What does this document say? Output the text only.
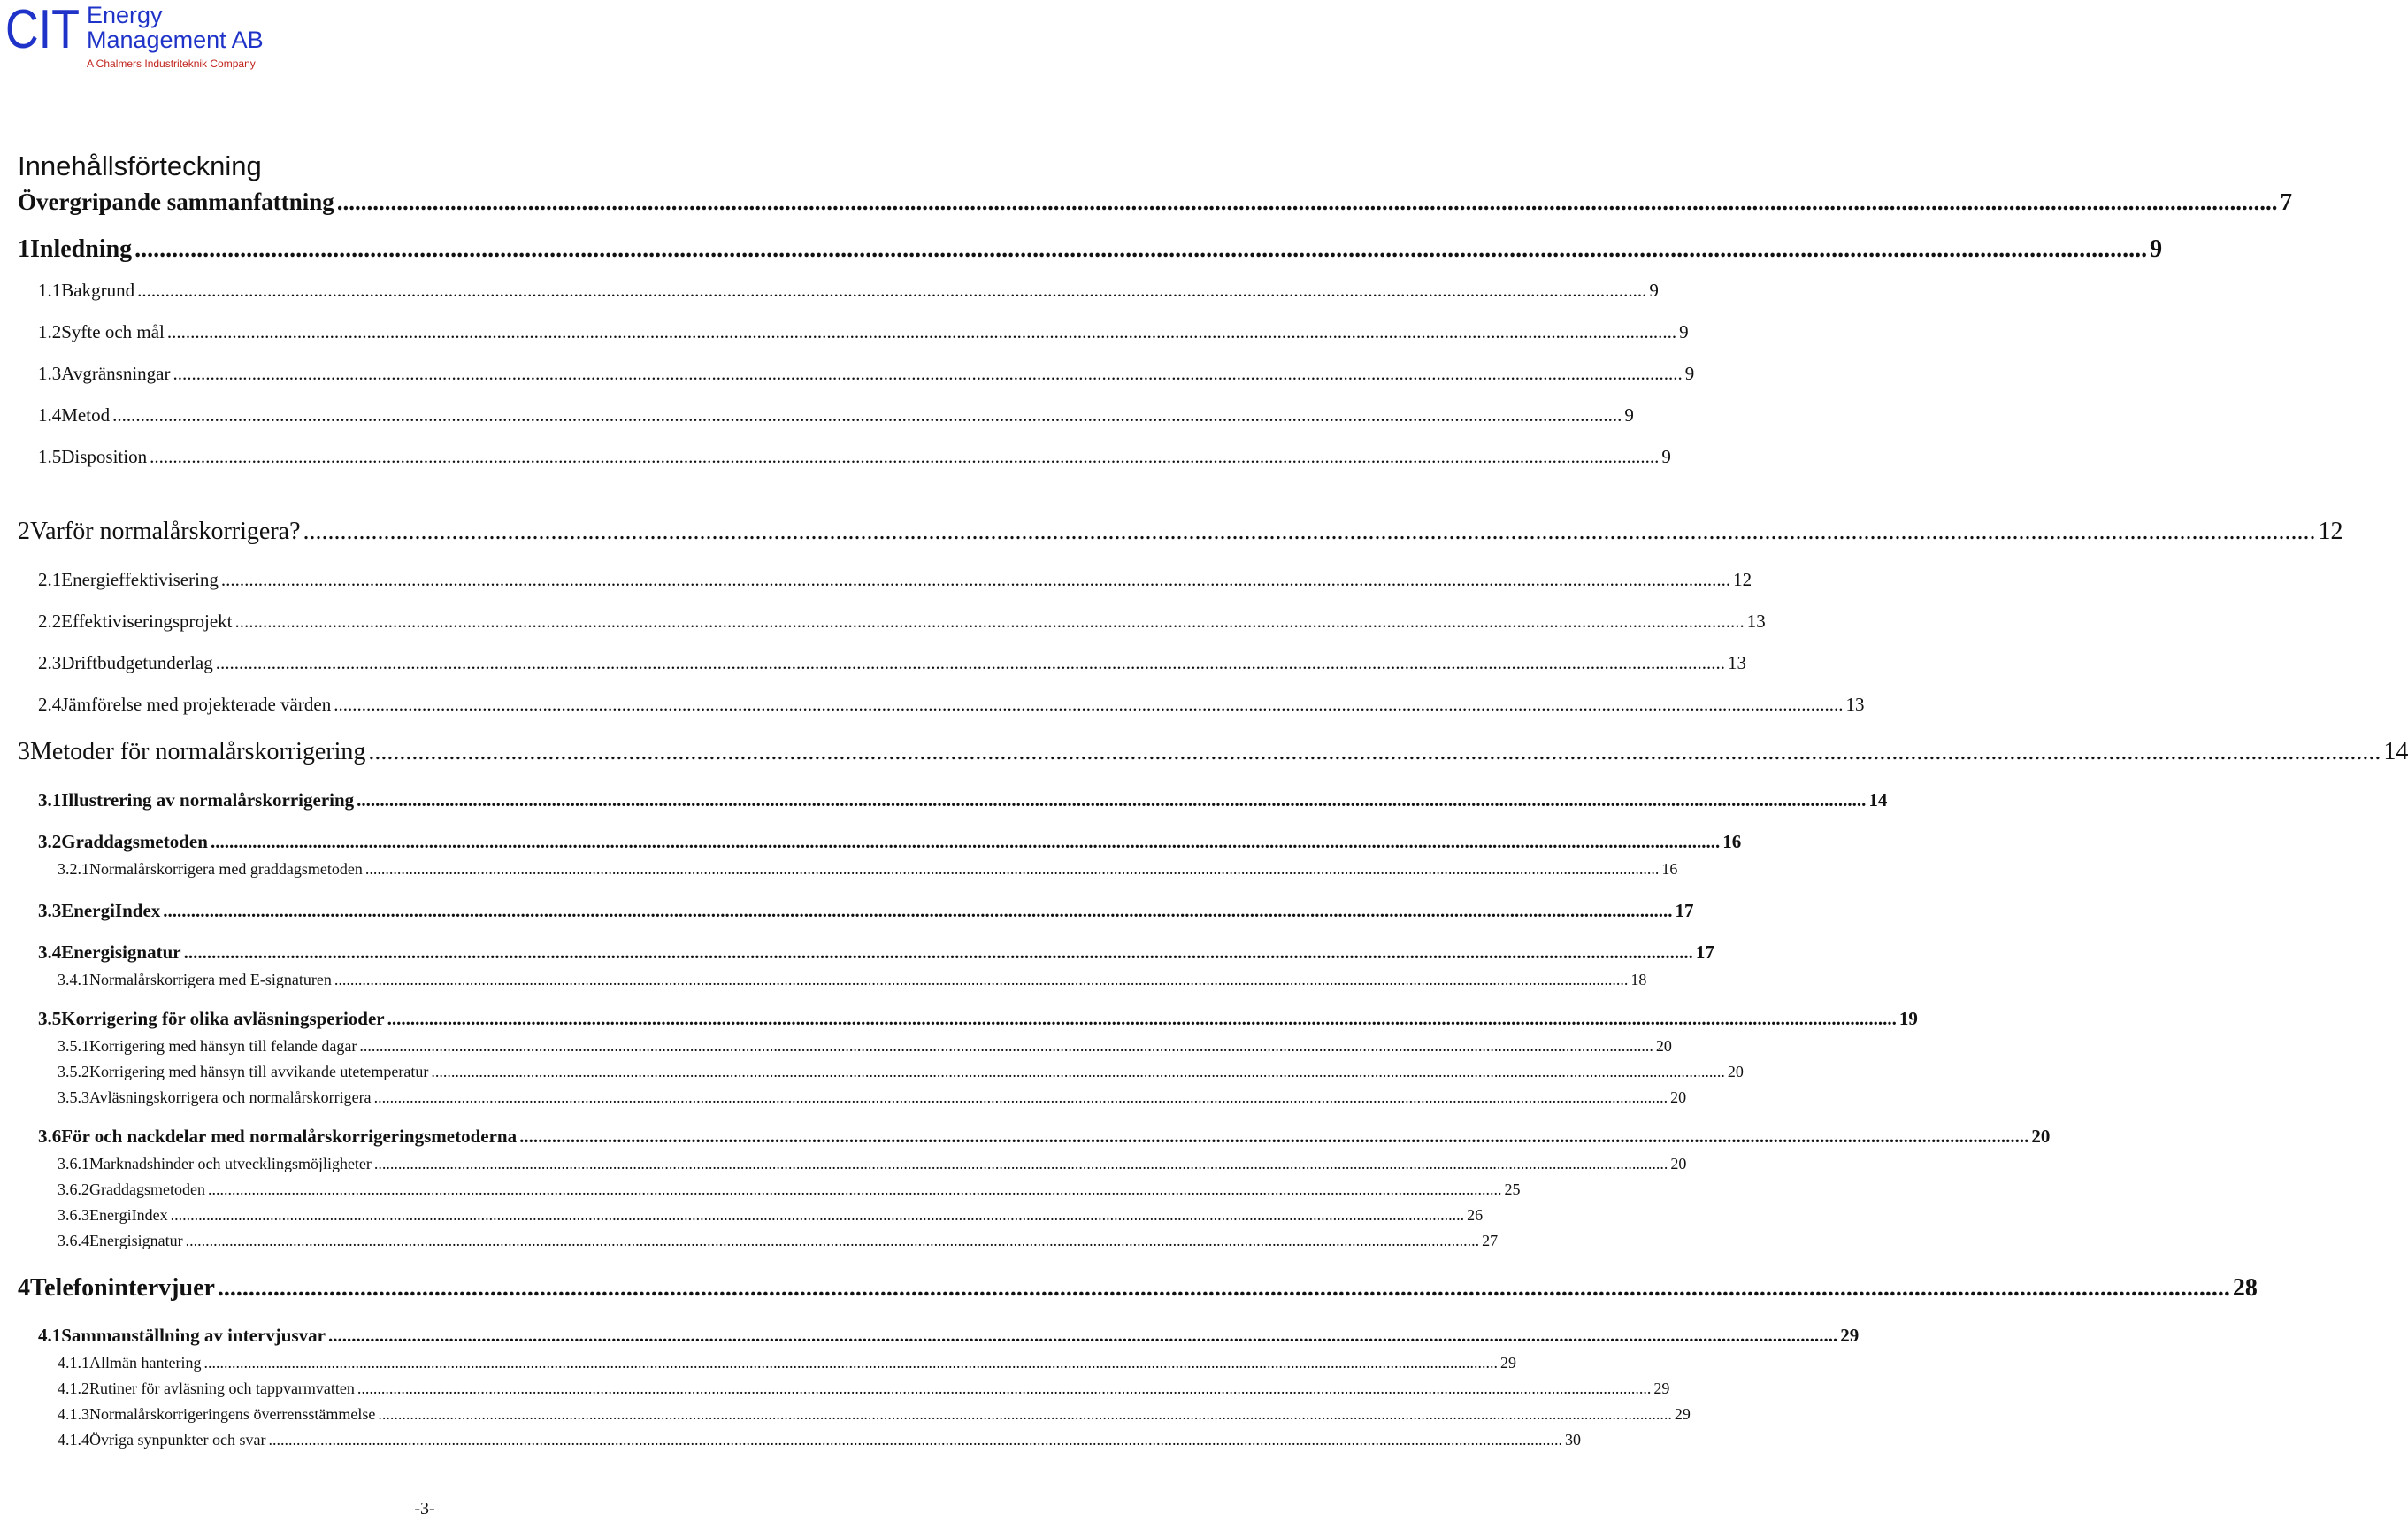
CIT Energy
Management AB
A Chalmers Industriteknik Company
Innehållsförteckning
Övergripande sammanfattning .....	7
1 Inledning .....	9
1.1 Bakgrund .....	9
1.2 Syfte och mål .....	9
1.3 Avgränsningar .....	9
1.4 Metod .....	9
1.5 Disposition .....	9
2 Varför normalårskorrigera? .....	12
2.1 Energieffektivisering .....	12
2.2 Effektiviseringsprojekt .....	13
2.3 Driftbudgetunderlag .....	13
2.4 Jämförelse med projekterade värden .....	13
3 Metoder för normalårskorrigering .....	14
3.1 Illustrering av normalårskorrigering .....	14
3.2 Graddagsmetoden .....	16
3.2.1 Normalårskorrigera med graddagsmetoden .....	16
3.3 EnergiIndex .....	17
3.4 Energisignatur .....	17
3.4.1 Normalårskorrigera med E-signaturen .....	18
3.5 Korrigering för olika avläsningsperioder .....	19
3.5.1 Korrigering med hänsyn till felande dagar .....	20
3.5.2 Korrigering med hänsyn till avvikande utetemperatur .....	20
3.5.3 Avläsningskorrigera och normalårskorrigera .....	20
3.6 För och nackdelar med normalårskorrigeringsmetoderna .....	20
3.6.1 Marknadshinder och utvecklingsmöjligheter .....	20
3.6.2 Graddagsmetoden .....	25
3.6.3 EnergiIndex .....	26
3.6.4 Energisignatur .....	27
4 Telefonintervjuer .....	28
4.1 Sammanställning av intervjusvar .....	29
4.1.1 Allmän hantering .....	29
4.1.2 Rutiner för avläsning och tappvarmvatten .....	29
4.1.3 Normalårskorrigeringens överrensstämmelse .....	29
4.1.4 Övriga synpunkter och svar .....	30
-3-
